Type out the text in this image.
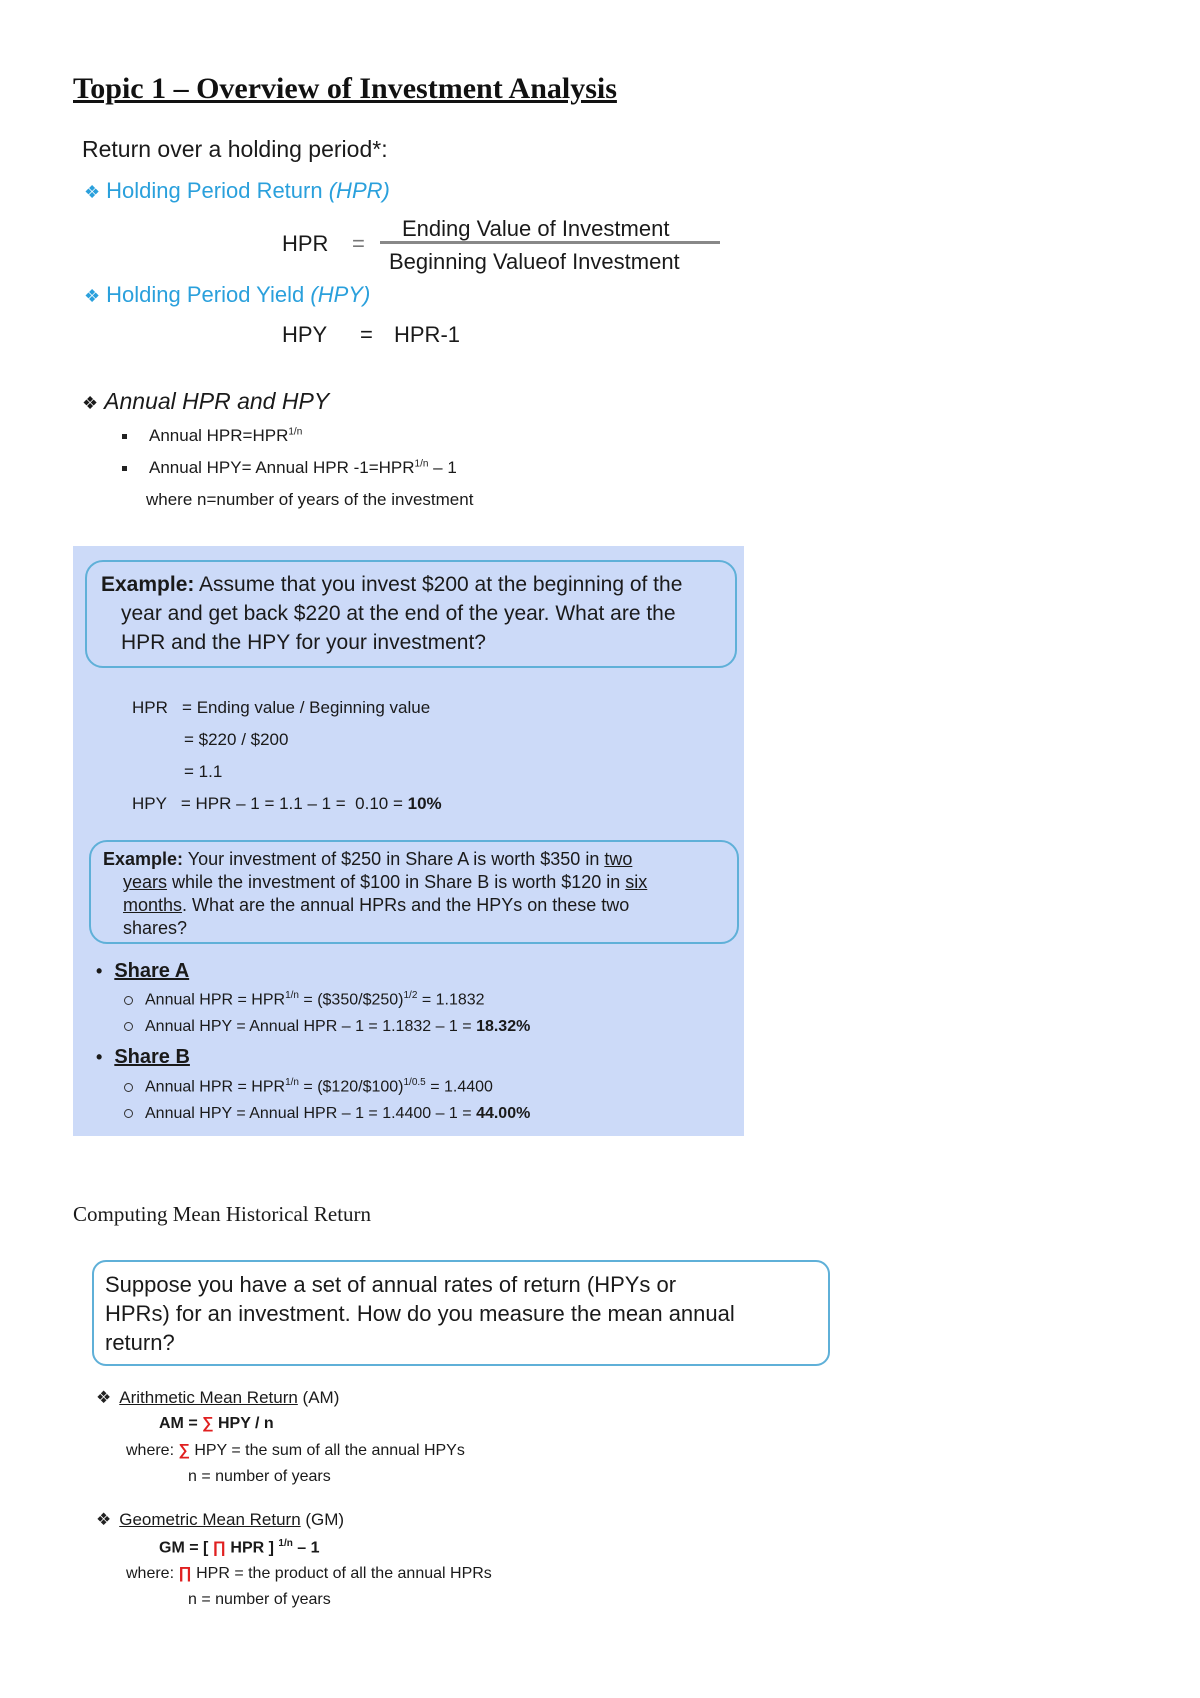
Topic 1 – Overview of Investment Analysis
Return over a holding period*:
❖ Holding Period Return (HPR)
HPR =
Ending Value of Investment
Beginning Valueof Investment
❖ Holding Period Yield (HPY)
HPY = HPR-1
❖ Annual HPR and HPY
Annual $HPR=HPR^{1/n}$
Annual HPY= Annual HPR $-1=HPR^{1/n} - 1$
where n=number of years of the investment
Example: Assume that you invest $200 at the beginning of the
year and get back $220 at the end of the year. What are the
HPR and the HPY for your investment?
HPR   = Ending value / Beginning value
= $220 / $200
= 1.1
HPY   = HPR – 1 = 1.1 – 1 =  0.10 = 10%
Example: Your investment of $250 in Share A is worth $350 in two
years while the investment of $100 in Share B is worth $120 in six
months. What are the annual HPRs and the HPYs on these two
shares?
• Share A
Annual HPR = $HPR^{1/n}$ = ($350/$250)$^{1/2}$ = 1.1832
Annual HPY = Annual HPR – 1 = 1.1832 – 1 = 18.32%
• Share B
Annual HPR = $HPR^{1/n}$ = ($120/$100)$^{1/0.5}$ = 1.4400
Annual HPY = Annual HPR – 1 = 1.4400 – 1 = 44.00%
Computing Mean Historical Return
Suppose you have a set of annual rates of return (HPYs or
HPRs) for an investment. How do you measure the mean annual
return?
❖ Arithmetic Mean Return (AM)
AM = ∑ HPY / n
where: ∑ HPY = the sum of all the annual HPYs
n = number of years
❖ Geometric Mean Return (GM)
GM = [ ∏ HPR ] $^{1/n}$ – 1
where: ∏ HPR = the product of all the annual HPRs
n = number of years
